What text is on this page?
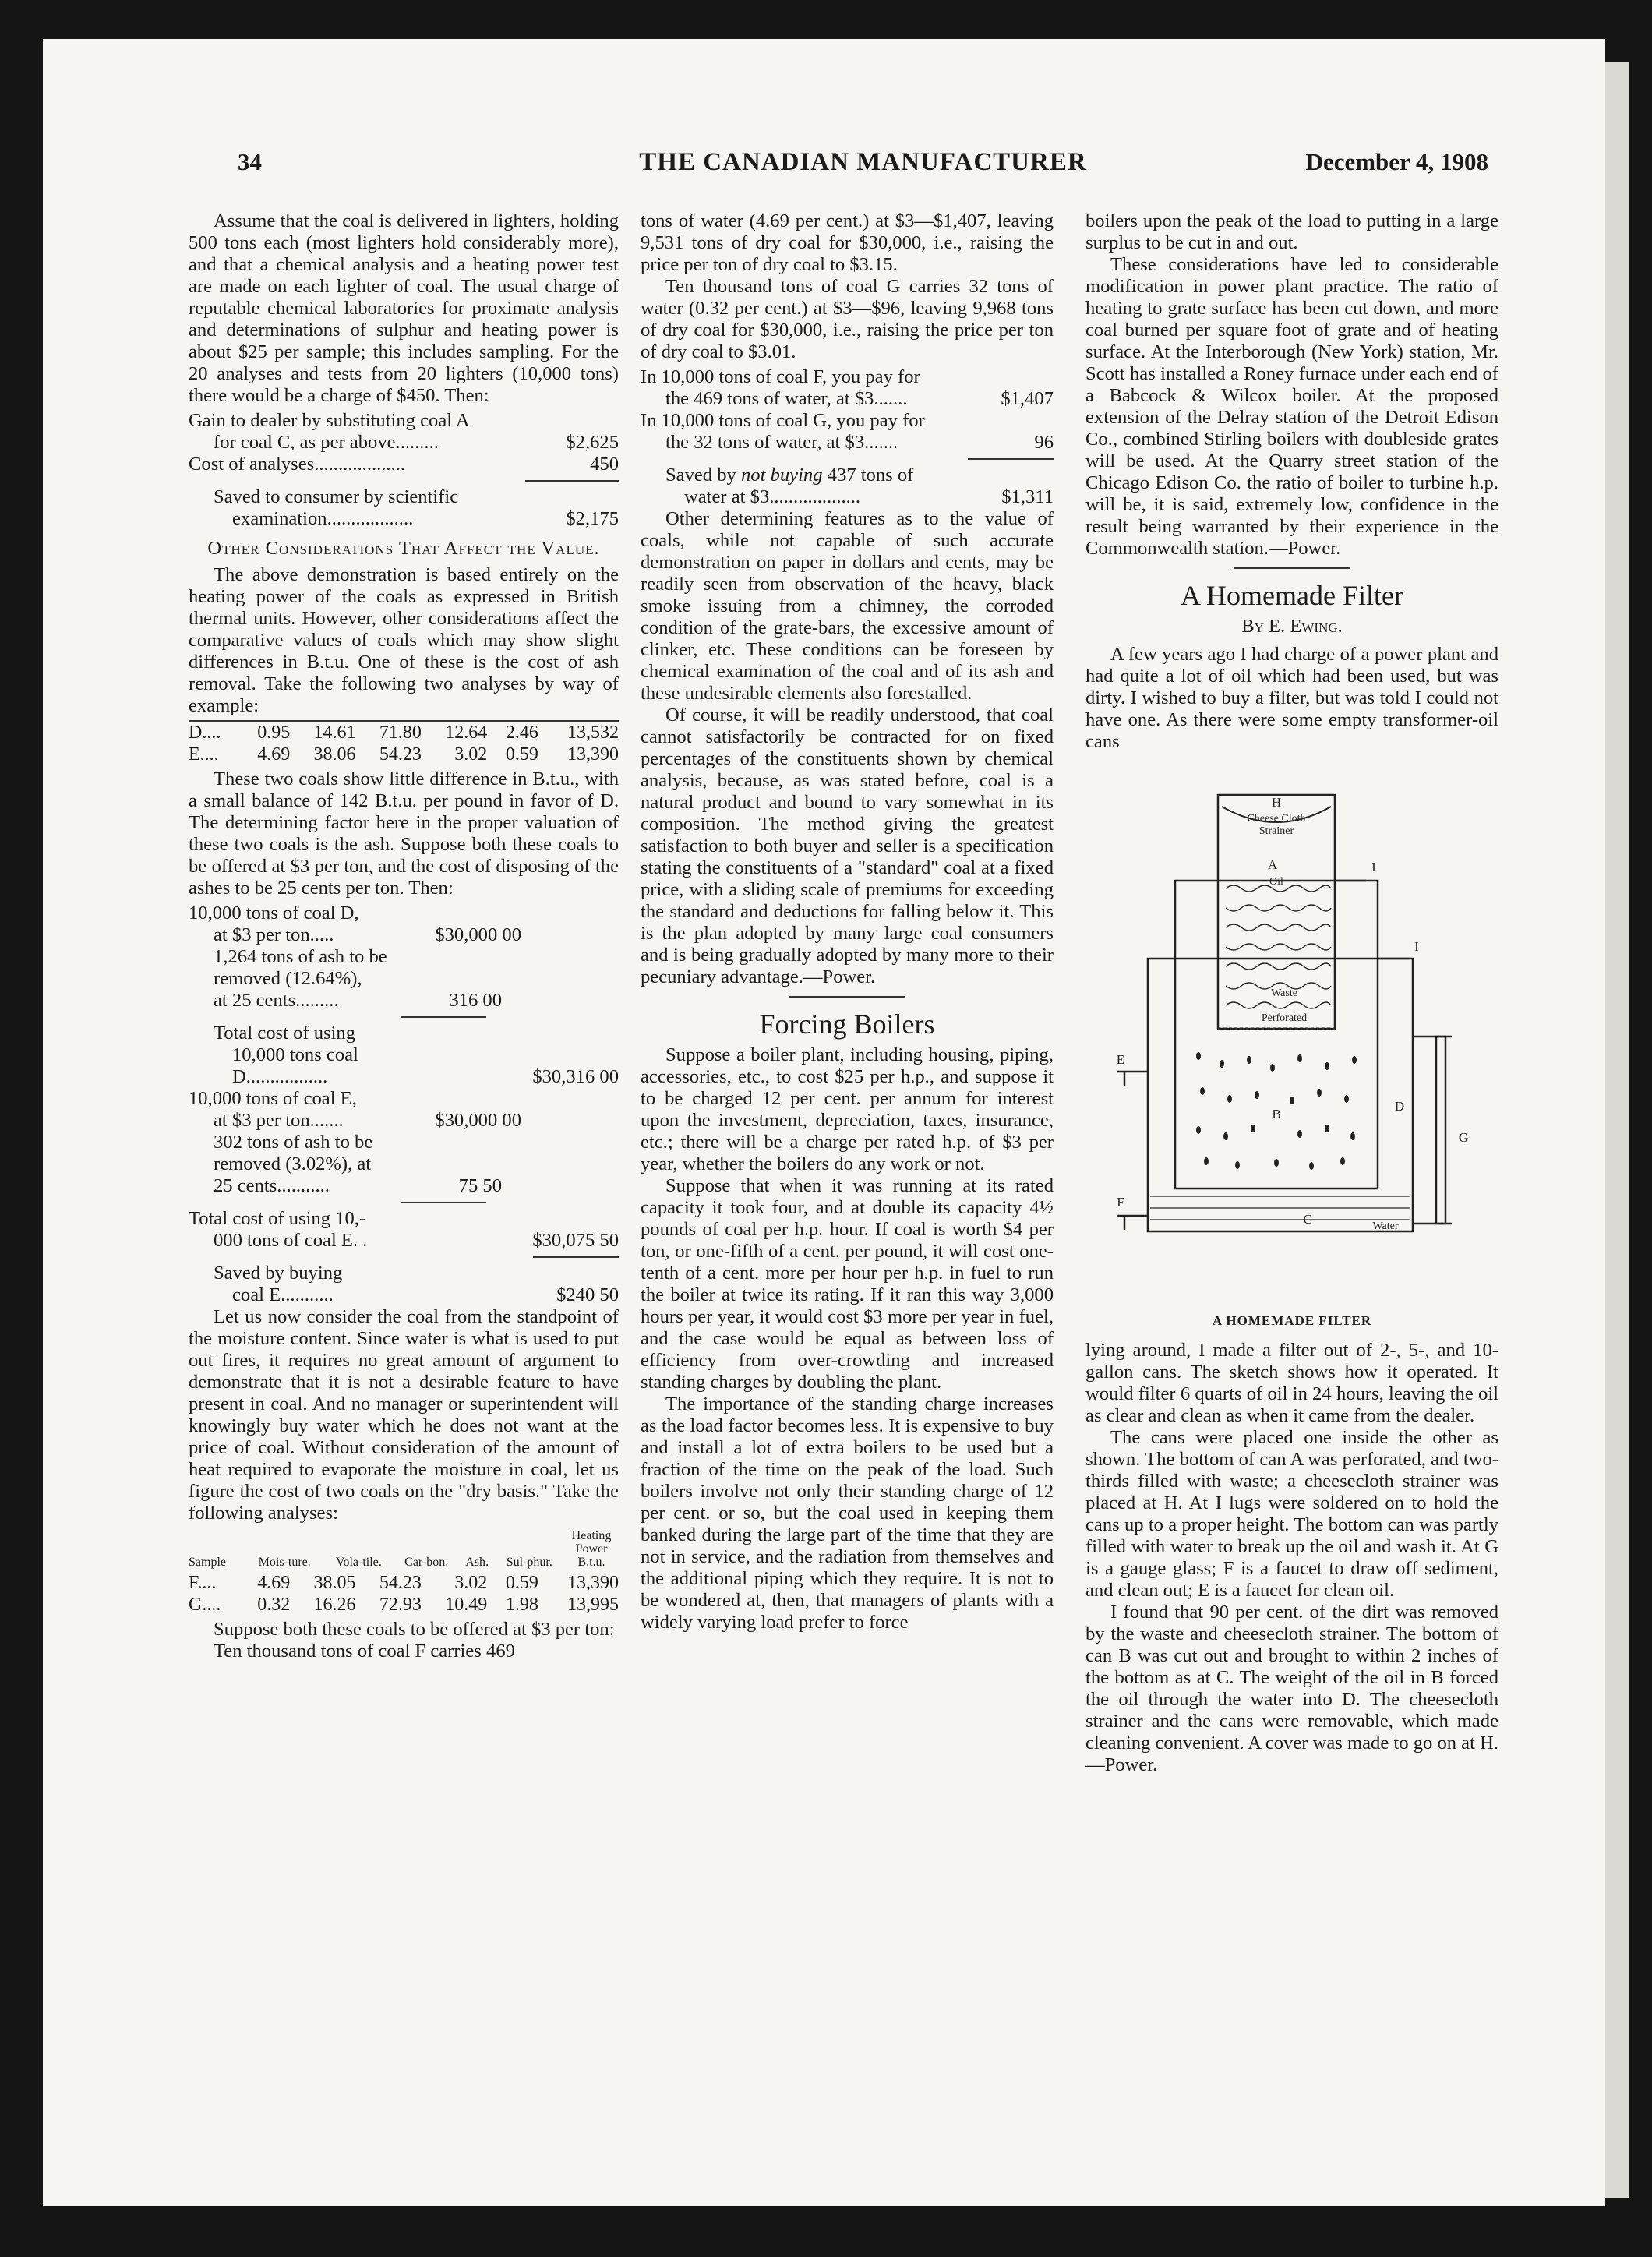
34	THE CANADIAN MANUFACTURER	December 4, 1908

Assume that the coal is delivered in lighters, holding 500 tons each (most lighters hold considerably more), and that a chemical analysis and a heating power test are made on each lighter of coal. The usual charge of reputable chemical laboratories for proximate analysis and determinations of sulphur and heating power is about $25 per sample; this includes sampling. For the 20 analyses and tests from 20 lighters (10,000 tons) there would be a charge of $450. Then:

Gain to dealer by substituting coal A
for coal C, as per above.........	$2,625
Cost of analyses...................	450
Saved to consumer by scientific
examination..................	$2,175
Other Considerations That Affect the Value.

The above demonstration is based entirely on the heating power of the coals as expressed in British thermal units. However, other considerations affect the comparative values of coals which may show slight differences in B.t.u. One of these is the cost of ash removal. Take the following two analyses by way of example:

D....	0.95	14.61	71.80	12.64	2.46	13,532
E....	4.69	38.06	54.23	3.02	0.59	13,390

These two coals show little difference in B.t.u., with a small balance of 142 B.t.u. per pound in favor of D. The determining factor here in the proper valuation of these two coals is the ash. Suppose both these coals to be offered at $3 per ton, and the cost of disposing of the ashes to be 25 cents per ton. Then:

10,000 tons of coal D,
at $3 per ton.....	$30,000 00
1,264 tons of ash to be
removed (12.64%),
at 25 cents.........	316 00
Total cost of using
10,000 tons coal
D.................	$30,316 00
10,000 tons of coal E,
at $3 per ton.......	$30,000 00
302 tons of ash to be
removed (3.02%), at
25 cents...........	75 50
Total cost of using 10,-
000 tons of coal E. .	$30,075 50
Saved by buying
coal E...........	$240 50

Let us now consider the coal from the standpoint of the moisture content. Since water is what is used to put out fires, it requires no great amount of argument to demonstrate that it is not a desirable feature to have present in coal. And no manager or superintendent will knowingly buy water which he does not want at the price of coal. Without consideration of the amount of heat required to evaporate the moisture in coal, let us figure the cost of two coals on the "dry basis." Take the following analyses:

Sample	Mois-ture.	Vola-tile.	Car-bon.	Ash.	Sul-phur.	Heating Power B.t.u.
F....	4.69	38.05	54.23	3.02	0.59	13,390
G....	0.32	16.26	72.93	10.49	1.98	13,995

Suppose both these coals to be offered at $3 per ton:

Ten thousand tons of coal F carries 469

tons of water (4.69 per cent.) at $3—$1,407, leaving 9,531 tons of dry coal for $30,000, i.e., raising the price per ton of dry coal to $3.15.

Ten thousand tons of coal G carries 32 tons of water (0.32 per cent.) at $3—$96, leaving 9,968 tons of dry coal for $30,000, i.e., raising the price per ton of dry coal to $3.01.

In 10,000 tons of coal F, you pay for
the 469 tons of water, at $3.......	$1,407
In 10,000 tons of coal G, you pay for
the 32 tons of water, at $3.......	96
Saved by not buying 437 tons of
water at $3...................	$1,311

Other determining features as to the value of coals, while not capable of such accurate demonstration on paper in dollars and cents, may be readily seen from observation of the heavy, black smoke issuing from a chimney, the corroded condition of the grate-bars, the excessive amount of clinker, etc. These conditions can be foreseen by chemical examination of the coal and of its ash and these undesirable elements also forestalled.

Of course, it will be readily understood, that coal cannot satisfactorily be contracted for on fixed percentages of the constituents shown by chemical analysis, because, as was stated before, coal is a natural product and bound to vary somewhat in its composition. The method giving the greatest satisfaction to both buyer and seller is a specification stating the constituents of a "standard" coal at a fixed price, with a sliding scale of premiums for exceeding the standard and deductions for falling below it. This is the plan adopted by many large coal consumers and is being gradually adopted by many more to their pecuniary advantage.—Power.

Forcing Boilers

Suppose a boiler plant, including housing, piping, accessories, etc., to cost $25 per h.p., and suppose it to be charged 12 per cent. per annum for interest upon the investment, depreciation, taxes, insurance, etc.; there will be a charge per rated h.p. of $3 per year, whether the boilers do any work or not.

Suppose that when it was running at its rated capacity it took four, and at double its capacity 4½ pounds of coal per h.p. hour. If coal is worth $4 per ton, or one-fifth of a cent. per pound, it will cost one-tenth of a cent. more per hour per h.p. in fuel to run the boiler at twice its rating. If it ran this way 3,000 hours per year, it would cost $3 more per year in fuel, and the case would be equal as between loss of efficiency from over-crowding and increased standing charges by doubling the plant.

The importance of the standing charge increases as the load factor becomes less. It is expensive to buy and install a lot of extra boilers to be used but a fraction of the time on the peak of the load. Such boilers involve not only their standing charge of 12 per cent. or so, but the coal used in keeping them banked during the large part of the time that they are not in service, and the radiation from themselves and the additional piping which they require. It is not to be wondered at, then, that managers of plants with a widely varying load prefer to force

boilers upon the peak of the load to putting in a large surplus to be cut in and out.

These considerations have led to considerable modification in power plant practice. The ratio of heating to grate surface has been cut down, and more coal burned per square foot of grate and of heating surface. At the Interborough (New York) station, Mr. Scott has installed a Roney furnace under each end of a Babcock & Wilcox boiler. At the proposed extension of the Delray station of the Detroit Edison Co., combined Stirling boilers with doubleside grates will be used. At the Quarry street station of the Chicago Edison Co. the ratio of boiler to turbine h.p. will be, it is said, extremely low, confidence in the result being warranted by their experience in the Commonwealth station.—Power.

A Homemade Filter
By E. Ewing.

A few years ago I had charge of a power plant and had quite a lot of oil which had been used, but was dirty. I wished to buy a filter, but was told I could not have one. As there were some empty transformer-oil cans

H
Cheese Cloth
Strainer
A
Oil
I
I
Waste
Perforated
E
D
B
G
F
C	Water
A HOMEMADE FILTER

lying around, I made a filter out of 2-, 5-, and 10-gallon cans. The sketch shows how it operated. It would filter 6 quarts of oil in 24 hours, leaving the oil as clear and clean as when it came from the dealer.

The cans were placed one inside the other as shown. The bottom of can A was perforated, and two-thirds filled with waste; a cheesecloth strainer was placed at H. At I lugs were soldered on to hold the cans up to a proper height. The bottom can was partly filled with water to break up the oil and wash it. At G is a gauge glass; F is a faucet to draw off sediment, and clean out; E is a faucet for clean oil.

I found that 90 per cent. of the dirt was removed by the waste and cheesecloth strainer. The bottom of can B was cut out and brought to within 2 inches of the bottom as at C. The weight of the oil in B forced the oil through the water into D. The cheesecloth strainer and the cans were removable, which made cleaning convenient. A cover was made to go on at H.—Power.
